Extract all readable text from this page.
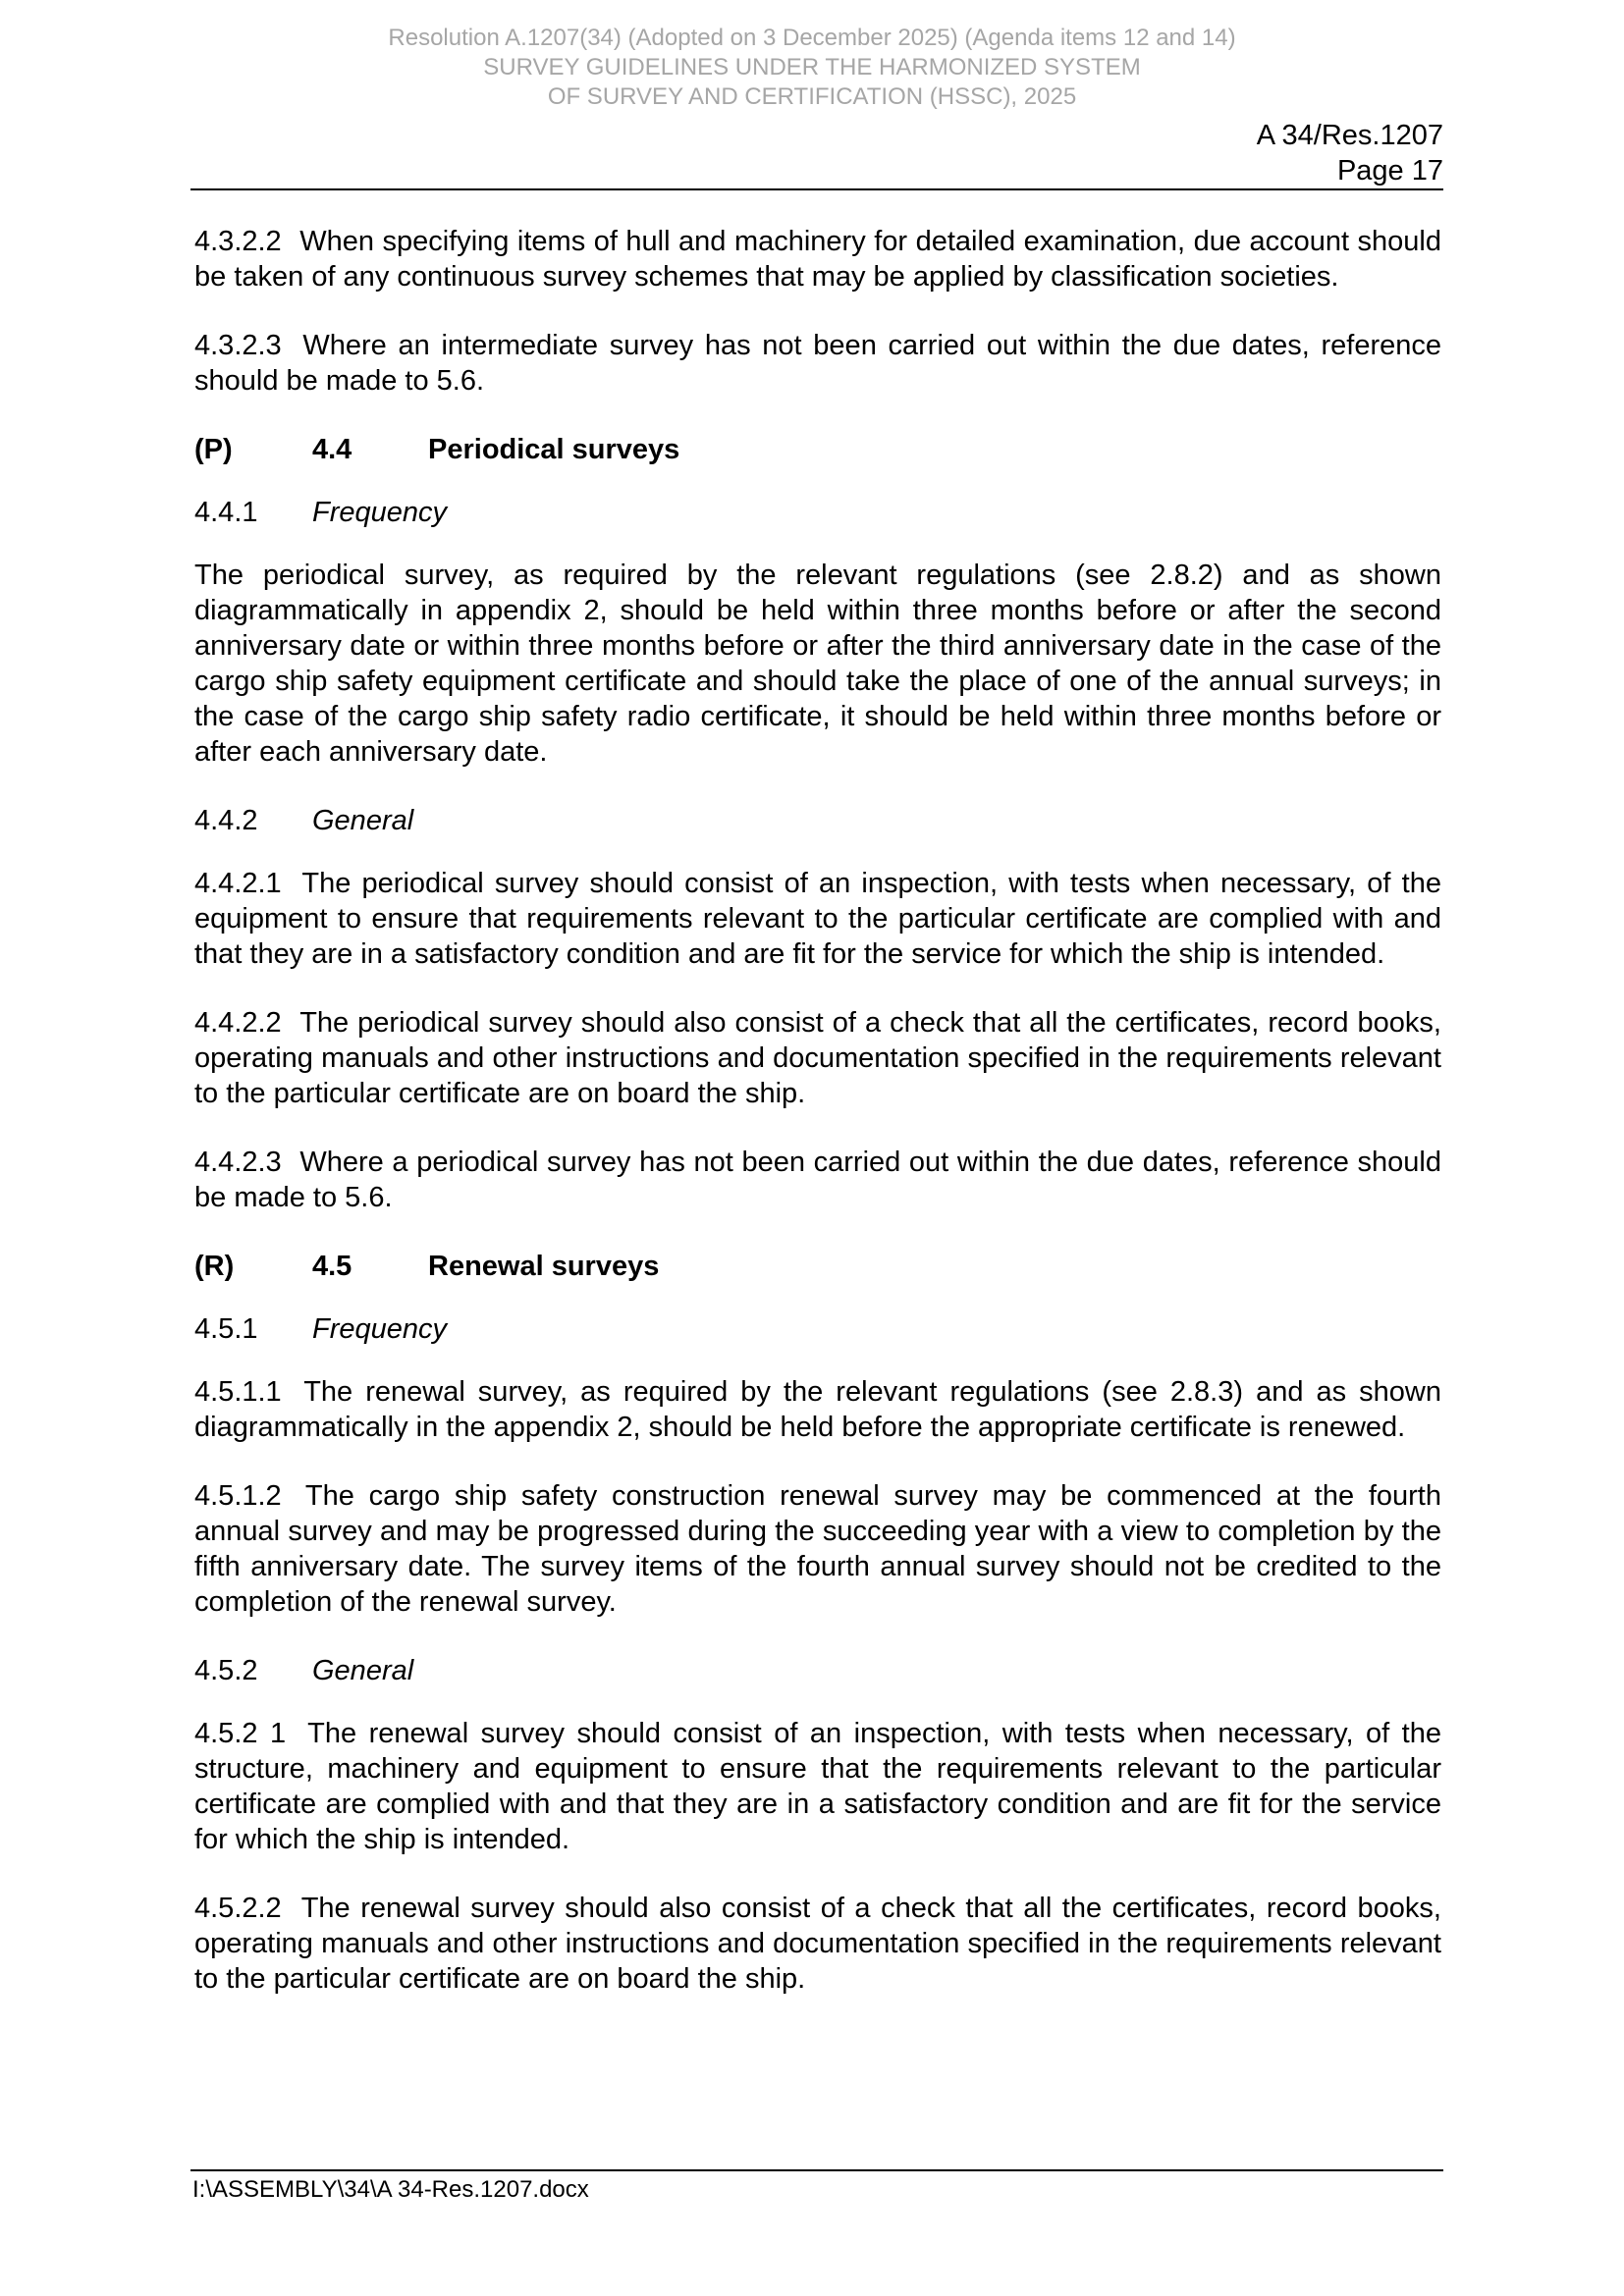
Resolution A.1207(34) (Adopted on 3 December 2025) (Agenda items 12 and 14)
SURVEY GUIDELINES UNDER THE HARMONIZED SYSTEM
OF SURVEY AND CERTIFICATION (HSSC), 2025
A 34/Res.1207
Page 17

4.3.2.2 When specifying items of hull and machinery for detailed examination, due account should be taken of any continuous survey schemes that may be applied by classification societies.

4.3.2.3 Where an intermediate survey has not been carried out within the due dates, reference should be made to 5.6.

(P)	4.4	Periodical surveys
4.4.1	Frequency

The periodical survey, as required by the relevant regulations (see 2.8.2) and as shown diagrammatically in appendix 2, should be held within three months before or after the second anniversary date or within three months before or after the third anniversary date in the case of the cargo ship safety equipment certificate and should take the place of one of the annual surveys; in the case of the cargo ship safety radio certificate, it should be held within three months before or after each anniversary date.

4.4.2	General

4.4.2.1 The periodical survey should consist of an inspection, with tests when necessary, of the equipment to ensure that requirements relevant to the particular certificate are complied with and that they are in a satisfactory condition and are fit for the service for which the ship is intended.

4.4.2.2 The periodical survey should also consist of a check that all the certificates, record books, operating manuals and other instructions and documentation specified in the requirements relevant to the particular certificate are on board the ship.

4.4.2.3 Where a periodical survey has not been carried out within the due dates, reference should be made to 5.6.

(R)	4.5	Renewal surveys
4.5.1	Frequency

4.5.1.1 The renewal survey, as required by the relevant regulations (see 2.8.3) and as shown diagrammatically in the appendix 2, should be held before the appropriate certificate is renewed.

4.5.1.2 The cargo ship safety construction renewal survey may be commenced at the fourth annual survey and may be progressed during the succeeding year with a view to completion by the fifth anniversary date. The survey items of the fourth annual survey should not be credited to the completion of the renewal survey.

4.5.2	General

4.5.2 1 The renewal survey should consist of an inspection, with tests when necessary, of the structure, machinery and equipment to ensure that the requirements relevant to the particular certificate are complied with and that they are in a satisfactory condition and are fit for the service for which the ship is intended.

4.5.2.2 The renewal survey should also consist of a check that all the certificates, record books, operating manuals and other instructions and documentation specified in the requirements relevant to the particular certificate are on board the ship.

I:\ASSEMBLY\34\A 34-Res.1207.docx
